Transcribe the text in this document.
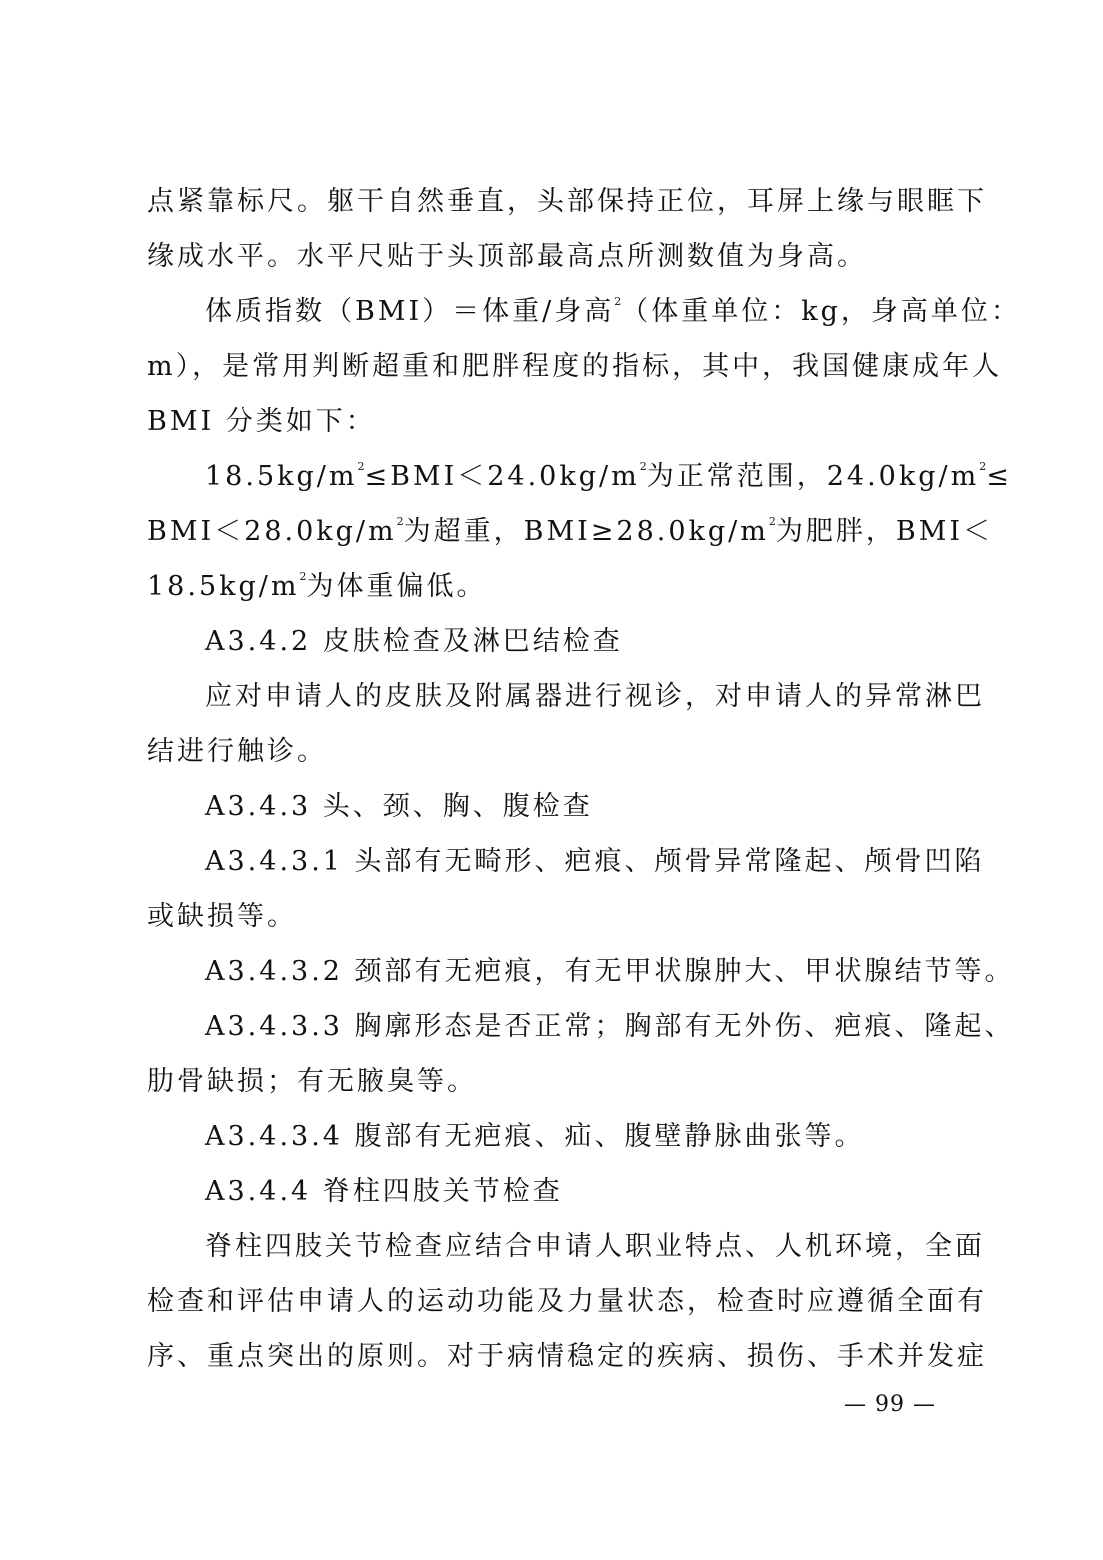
点紧靠标尺。躯干自然垂直，头部保持正位，耳屏上缘与眼眶下
缘成水平。水平尺贴于头顶部最高点所测数值为身高。
体质指数（BMI）＝体重/身高$^2$（体重单位：kg，身高单位：
m），是常用判断超重和肥胖程度的指标，其中，我国健康成年人
BMI 分类如下：
$18.5kg/m^2\le BMI<24.0kg/m^2$为正常范围，$24.0kg/m^2\le$
$BMI<28.0kg/m^2$为超重，$BMI\ge 28.0kg/m^2$为肥胖，BMI＜
$18.5kg/m^2$为体重偏低。
A3.4.2 皮肤检查及淋巴结检查
应对申请人的皮肤及附属器进行视诊，对申请人的异常淋巴
结进行触诊。
A3.4.3 头、颈、胸、腹检查
A3.4.3.1 头部有无畸形、疤痕、颅骨异常隆起、颅骨凹陷
或缺损等。
A3.4.3.2 颈部有无疤痕，有无甲状腺肿大、甲状腺结节等。
A3.4.3.3 胸廓形态是否正常；胸部有无外伤、疤痕、隆起、
肋骨缺损；有无腋臭等。
A3.4.3.4 腹部有无疤痕、疝、腹壁静脉曲张等。
A3.4.4 脊柱四肢关节检查
脊柱四肢关节检查应结合申请人职业特点、人机环境，全面
检查和评估申请人的运动功能及力量状态，检查时应遵循全面有
序、重点突出的原则。对于病情稳定的疾病、损伤、手术并发症
— 99 —
